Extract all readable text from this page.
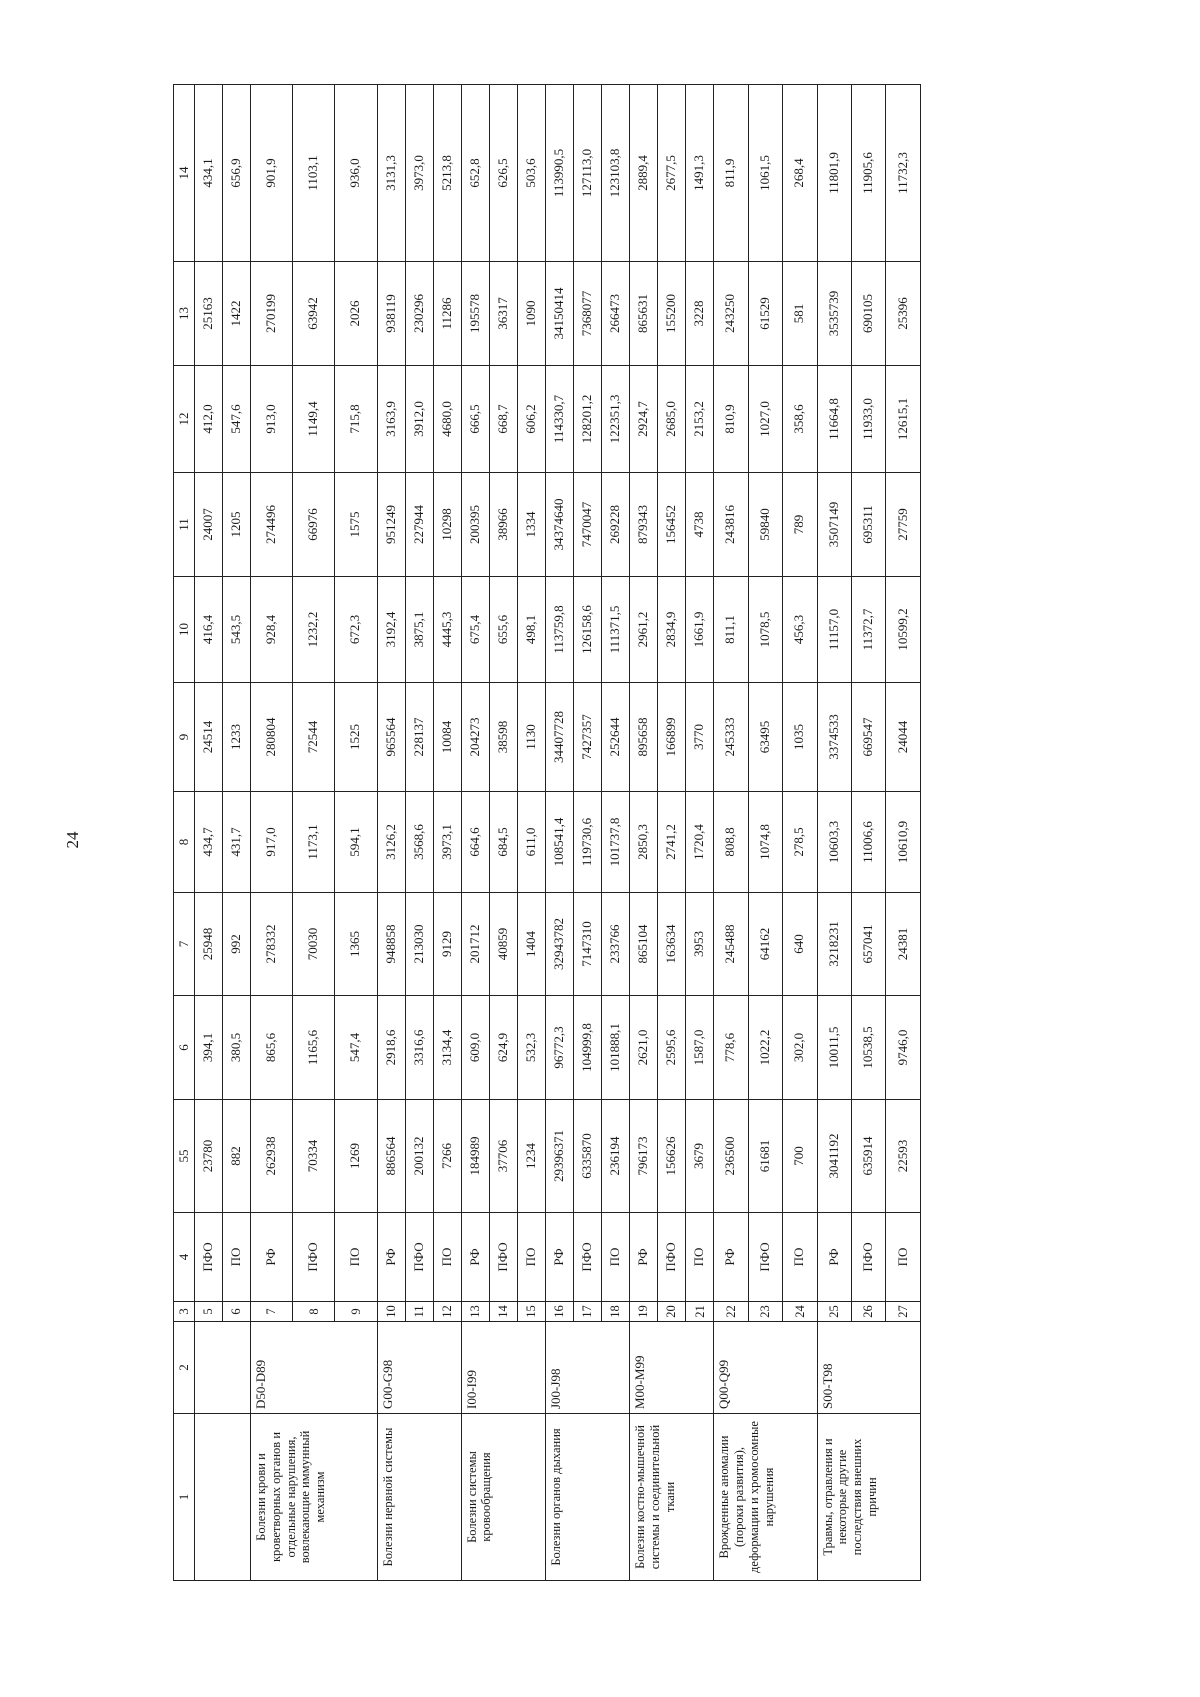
24
1	2	3	4	55	6	7	8	9	10	11	12	13	14
		5	ПФО	23780	394,1	25948	434,7	24514	416,4	24007	412,0	25163	434,1
		6	ПО	882	380,5	992	431,7	1233	543,5	1205	547,6	1422	656,9
Болезни крови и кроветворных органов и отдельные нарушения, вовлекающие иммунный механизм	D50-D89	7	РФ	262938	865,6	278332	917,0	280804	928,4	274496	913,0	270199	901,9
		8	ПФО	70334	1165,6	70030	1173,1	72544	1232,2	66976	1149,4	63942	1103,1
		9	ПО	1269	547,4	1365	594,1	1525	672,3	1575	715,8	2026	936,0
Болезни нервной системы	G00-G98	10	РФ	886564	2918,6	948858	3126,2	965564	3192,4	951249	3163,9	938119	3131,3
		11	ПФО	200132	3316,6	213030	3568,6	228137	3875,1	227944	3912,0	230296	3973,0
		12	ПО	7266	3134,4	9129	3973,1	10084	4445,3	10298	4680,0	11286	5213,8
Болезни системы кровообращения	I00-I99	13	РФ	184989	609,0	201712	664,6	204273	675,4	200395	666,5	195578	652,8
		14	ПФО	37706	624,9	40859	684,5	38598	655,6	38966	668,7	36317	626,5
		15	ПО	1234	532,3	1404	611,0	1130	498,1	1334	606,2	1090	503,6
Болезни органов дыхания	J00-J98	16	РФ	29396371	96772,3	32943782	108541,4	34407728	113759,8	34374640	114330,7	34150414	113990,5
		17	ПФО	6335870	104999,8	7147310	119730,6	7427357	126158,6	7470047	128201,2	7368077	127113,0
		18	ПО	236194	101888,1	233766	101737,8	252644	111371,5	269228	122351,3	266473	123103,8
Болезни костно-мышечной системы и соединительной ткани	M00-M99	19	РФ	796173	2621,0	865104	2850,3	895658	2961,2	879343	2924,7	865631	2889,4
		20	ПФО	156626	2595,6	163634	2741,2	166899	2834,9	156452	2685,0	155200	2677,5
		21	ПО	3679	1587,0	3953	1720,4	3770	1661,9	4738	2153,2	3228	1491,3
Врожденные аномалии (пороки развития), деформации и хромосомные нарушения	Q00-Q99	22	РФ	236500	778,6	245488	808,8	245333	811,1	243816	810,9	243250	811,9
		23	ПФО	61681	1022,2	64162	1074,8	63495	1078,5	59840	1027,0	61529	1061,5
		24	ПО	700	302,0	640	278,5	1035	456,3	789	358,6	581	268,4
Травмы, отравления и некоторые другие последствия внешних причин	S00-T98	25	РФ	3041192	10011,5	3218231	10603,3	3374533	11157,0	3507149	11664,8	3535739	11801,9
		26	ПФО	635914	10538,5	657041	11006,6	669547	11372,7	695311	11933,0	690105	11905,6
		27	ПО	22593	9746,0	24381	10610,9	24044	10599,2	27759	12615,1	25396	11732,3
